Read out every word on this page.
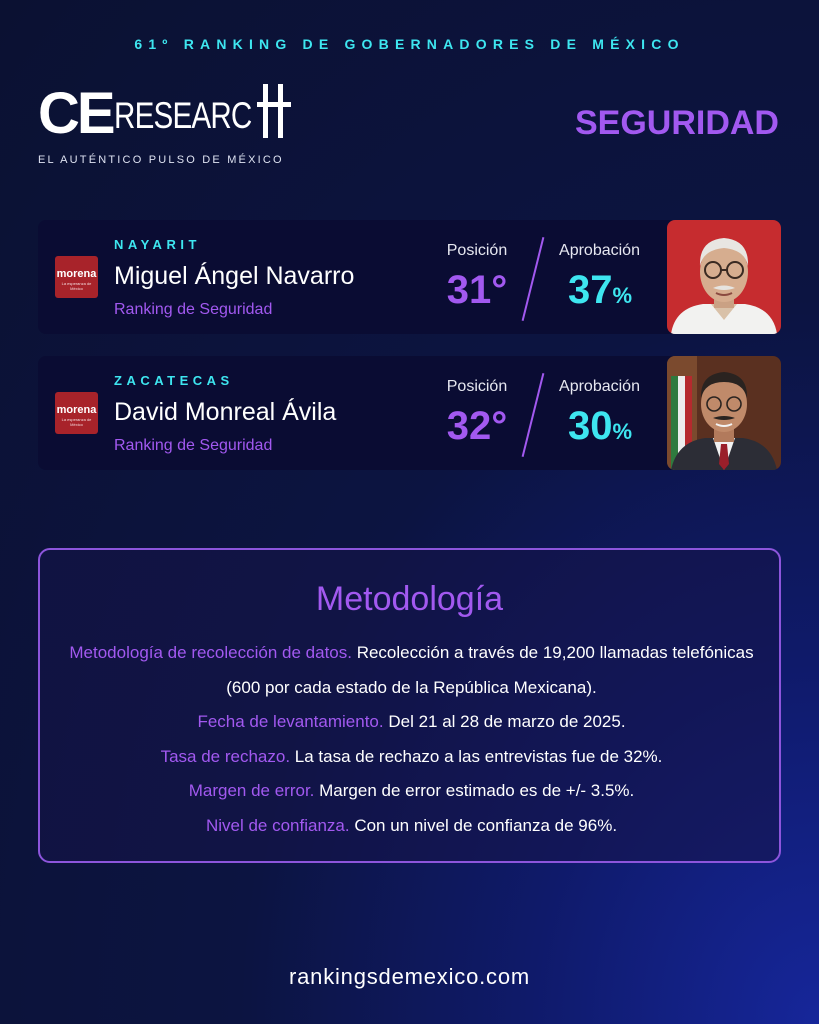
61º RANKING DE GOBERNADORES DE MÉXICO
CE RESEARC
EL AUTÉNTICO PULSO DE MÉXICO
SEGURIDAD
morena
La esperanza de México
NAYARIT
Miguel Ángel Navarro
Ranking de Seguridad
Posición
31°
Aprobación
37%
morena
La esperanza de México
ZACATECAS
David Monreal Ávila
Ranking de Seguridad
Posición
32°
Aprobación
30%
Metodología
Metodología de recolección de datos. Recolección a través de 19,200 llamadas telefónicas (600 por cada estado de la República Mexicana).
Fecha de levantamiento. Del 21 al 28 de marzo de 2025.
Tasa de rechazo. La tasa de rechazo a las entrevistas fue de 32%.
Margen de error. Margen de error estimado es de +/- 3.5%.
Nivel de confianza. Con un nivel de confianza de 96%.
rankingsdemexico.com
